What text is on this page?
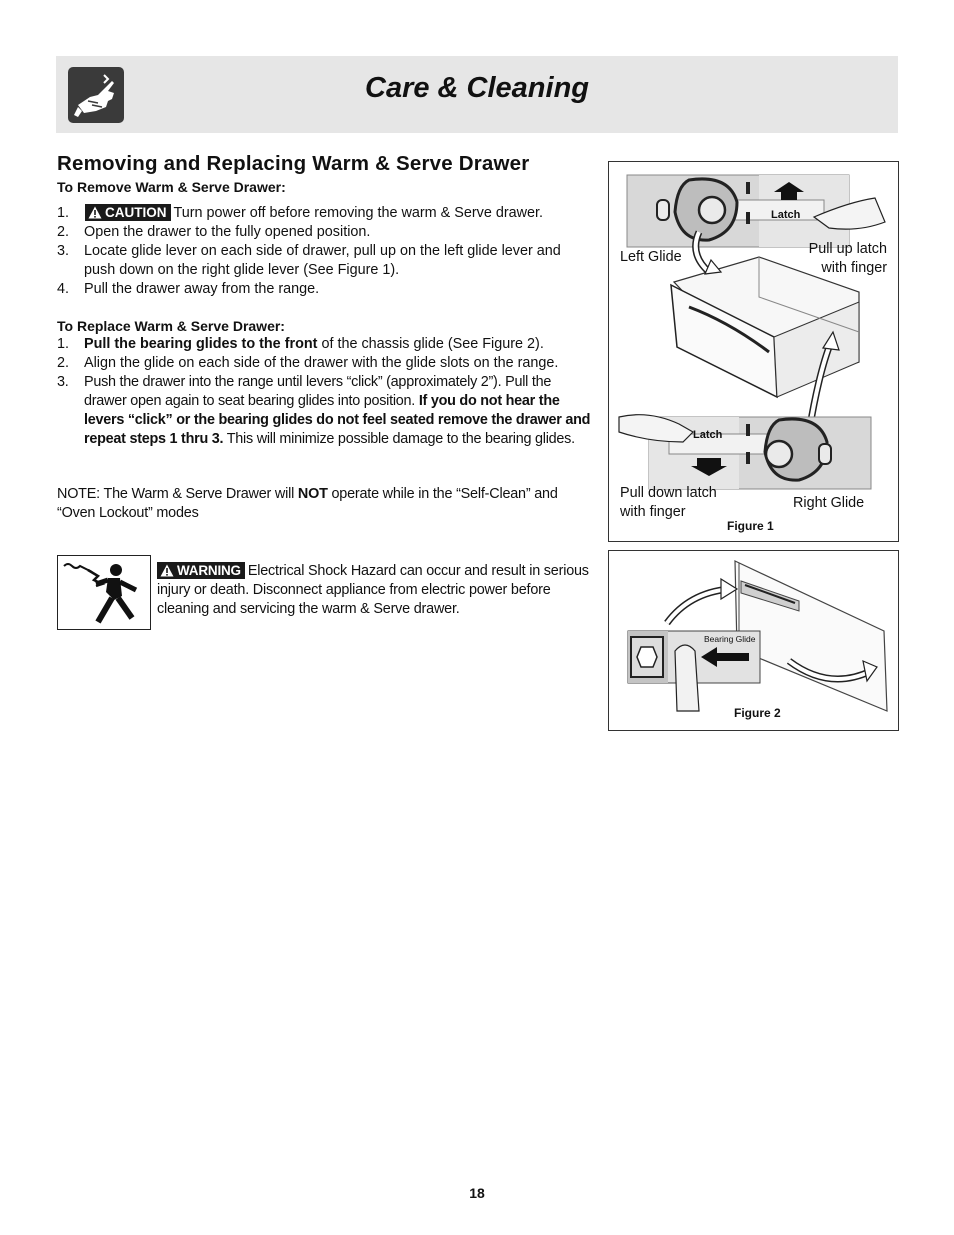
Care & Cleaning
Removing and Replacing Warm & Serve Drawer
To Remove Warm & Serve Drawer:
1.	CAUTION Turn power off before removing the warm & Serve drawer.
2. Open the drawer to the fully opened position.
3. Locate glide lever on each side of drawer, pull up on the left glide lever and push down on the right glide lever (See Figure 1).
4. Pull the drawer away from the range.
To Replace Warm & Serve Drawer:
1. Pull the bearing glides to the front of the chassis glide (See Figure 2).
2. Align the glide on each side of the drawer with the glide slots on the range.
3. Push the drawer into the range until levers “click” (approximately 2”). Pull the drawer open again to seat bearing glides into position. If you do not hear the levers “click” or the bearing glides do not feel seated remove the drawer and repeat steps 1 thru 3. This will minimize possible damage to the bearing glides.
NOTE: The Warm & Serve Drawer will NOT operate while in the “Self-Clean” and “Oven Lockout” modes
WARNING Electrical Shock Hazard can occur and result in serious injury or death. Disconnect appliance from electric power before cleaning and servicing the warm & Serve drawer.
Latch
Latch
Left Glide	Pull up latch with finger
Pull down latch with finger
Right Glide
Figure 1
Bearing Glide
Figure 2
18
